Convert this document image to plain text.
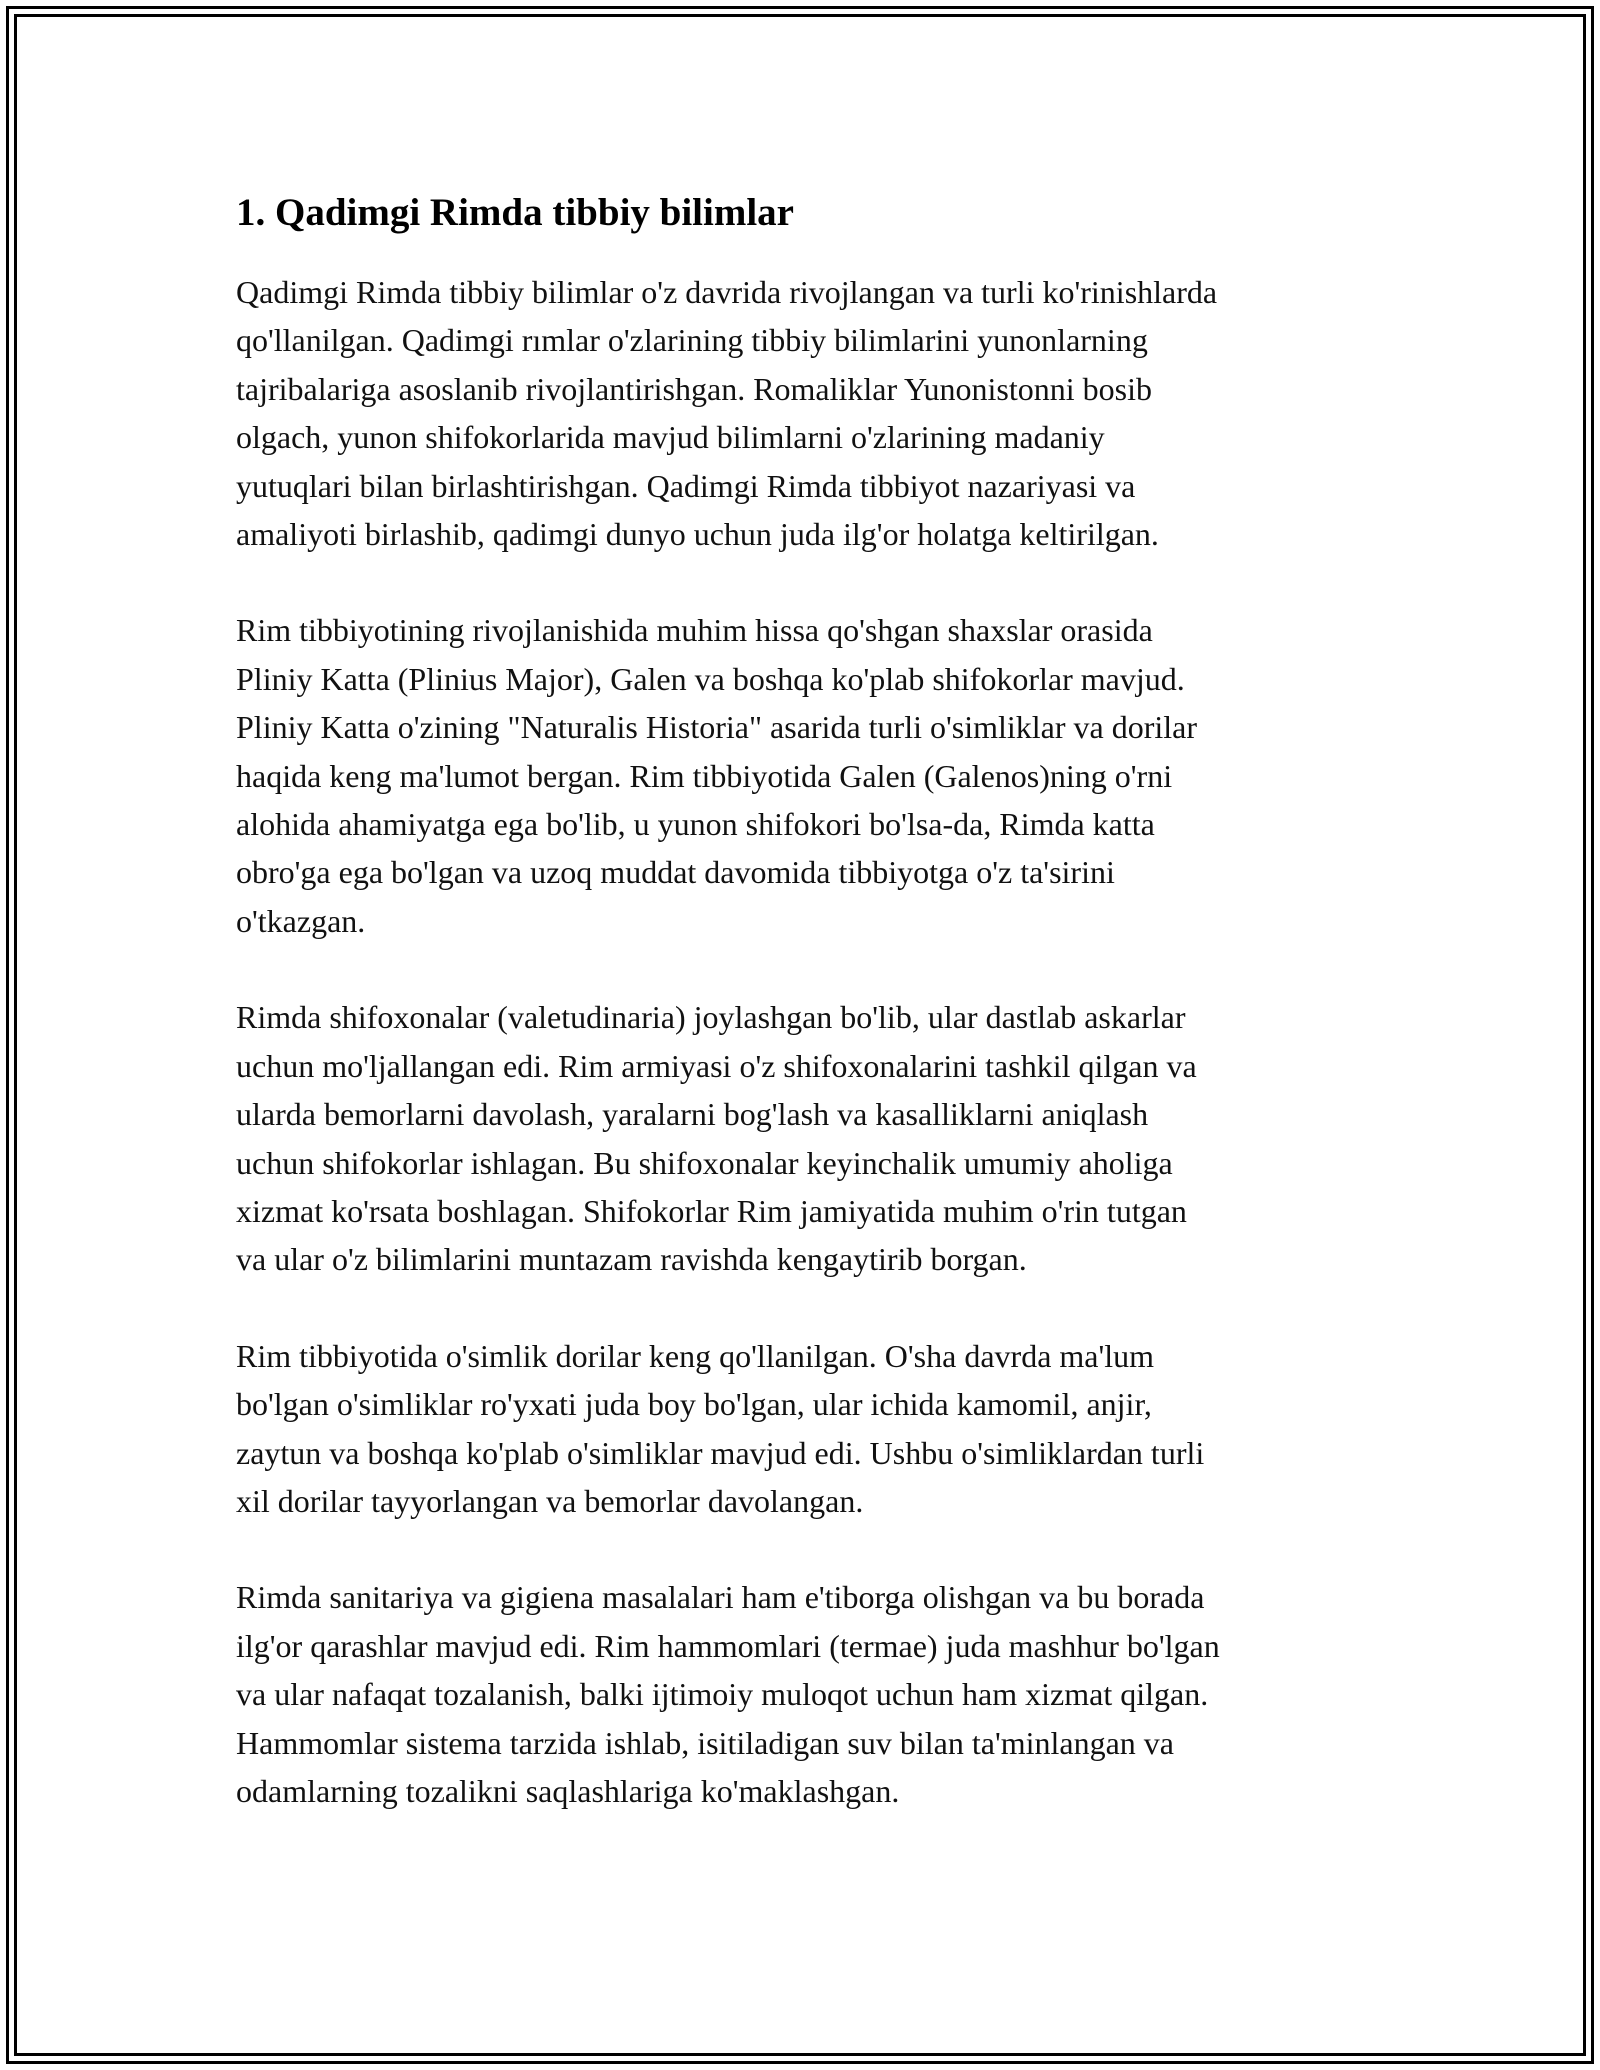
1. Qadimgi Rimda tibbiy bilimlar

Qadimgi Rimda tibbiy bilimlar o'z davrida rivojlangan va turli ko'rinishlarda
qo'llanilgan. Qadimgi rımlar o'zlarining tibbiy bilimlarini yunonlarning
tajribalariga asoslanib rivojlantirishgan. Romaliklar Yunonistonni bosib
olgach, yunon shifokorlarida mavjud bilimlarni o'zlarining madaniy
yutuqlari bilan birlashtirishgan. Qadimgi Rimda tibbiyot nazariyasi va
amaliyoti birlashib, qadimgi dunyo uchun juda ilg'or holatga keltirilgan.

Rim tibbiyotining rivojlanishida muhim hissa qo'shgan shaxslar orasida
Pliniy Katta (Plinius Major), Galen va boshqa ko'plab shifokorlar mavjud.
Pliniy Katta o'zining "Naturalis Historia" asarida turli o'simliklar va dorilar
haqida keng ma'lumot bergan. Rim tibbiyotida Galen (Galenos)ning o'rni
alohida ahamiyatga ega bo'lib, u yunon shifokori bo'lsa-da, Rimda katta
obro'ga ega bo'lgan va uzoq muddat davomida tibbiyotga o'z ta'sirini
o'tkazgan.

Rimda shifoxonalar (valetudinaria) joylashgan bo'lib, ular dastlab askarlar
uchun mo'ljallangan edi. Rim armiyasi o'z shifoxonalarini tashkil qilgan va
ularda bemorlarni davolash, yaralarni bog'lash va kasalliklarni aniqlash
uchun shifokorlar ishlagan. Bu shifoxonalar keyinchalik umumiy aholiga
xizmat ko'rsata boshlagan. Shifokorlar Rim jamiyatida muhim o'rin tutgan
va ular o'z bilimlarini muntazam ravishda kengaytirib borgan.

Rim tibbiyotida o'simlik dorilar keng qo'llanilgan. O'sha davrda ma'lum
bo'lgan o'simliklar ro'yxati juda boy bo'lgan, ular ichida kamomil, anjir,
zaytun va boshqa ko'plab o'simliklar mavjud edi. Ushbu o'simliklardan turli
xil dorilar tayyorlangan va bemorlar davolangan.

Rimda sanitariya va gigiena masalalari ham e'tiborga olishgan va bu borada
ilg'or qarashlar mavjud edi. Rim hammomlari (termae) juda mashhur bo'lgan
va ular nafaqat tozalanish, balki ijtimoiy muloqot uchun ham xizmat qilgan.
Hammomlar sistema tarzida ishlab, isitiladigan suv bilan ta'minlangan va
odamlarning tozalikni saqlashlariga ko'maklashgan.
